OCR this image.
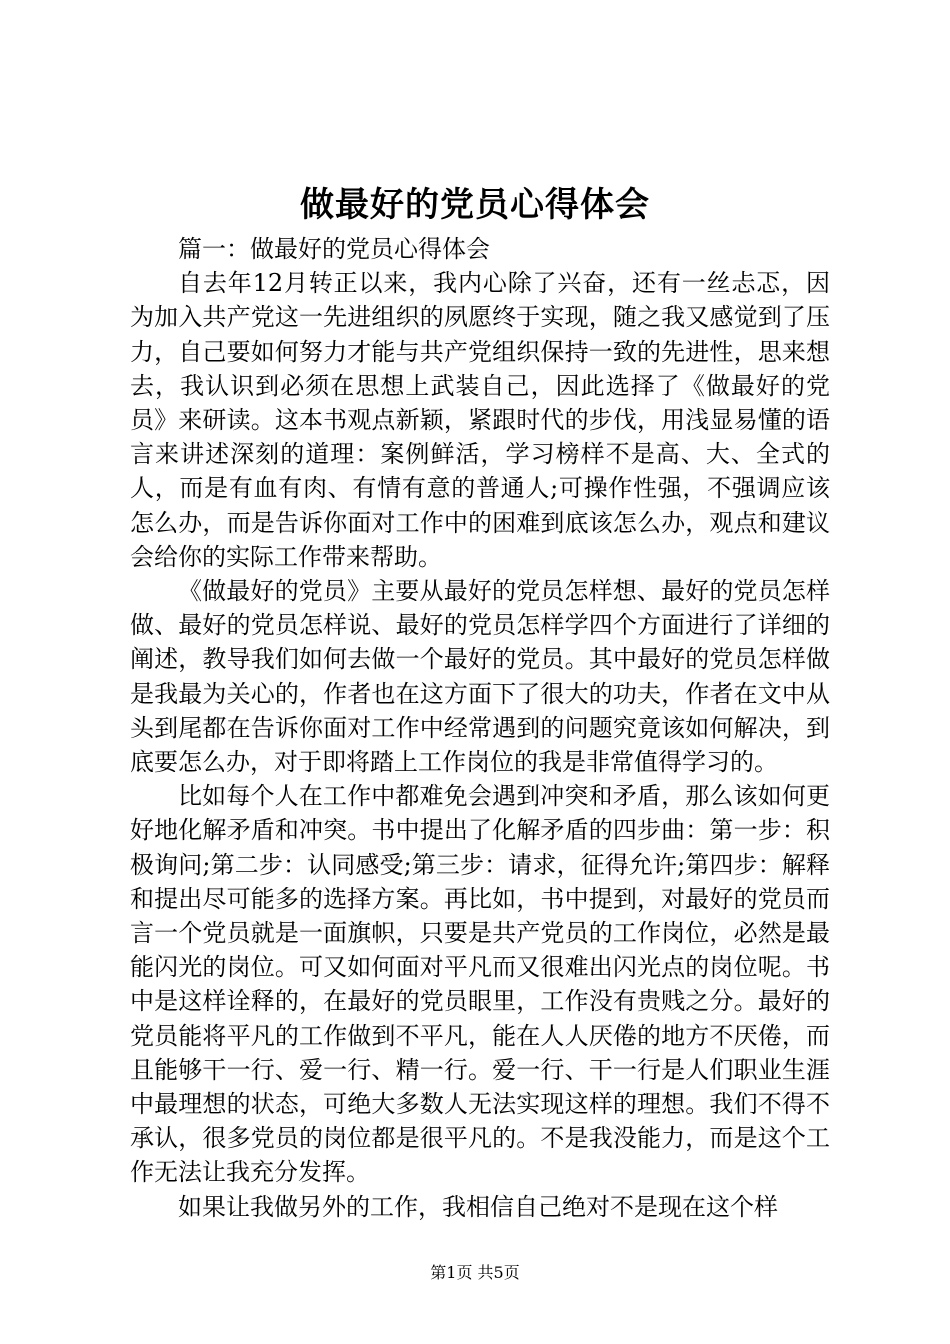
做最好的党员心得体会

篇一：做最好的党员心得体会

自去年12月转正以来，我内心除了兴奋，还有一丝忐忑，因为加入共产党这一先进组织的夙愿终于实现，随之我又感觉到了压力，自己要如何努力才能与共产党组织保持一致的先进性，思来想去，我认识到必须在思想上武装自己，因此选择了《做最好的党员》来研读。这本书观点新颖，紧跟时代的步伐，用浅显易懂的语言来讲述深刻的道理：案例鲜活，学习榜样不是高、大、全式的人，而是有血有肉、有情有意的普通人;可操作性强，不强调应该怎么办，而是告诉你面对工作中的困难到底该怎么办，观点和建议会给你的实际工作带来帮助。

《做最好的党员》主要从最好的党员怎样想、最好的党员怎样做、最好的党员怎样说、最好的党员怎样学四个方面进行了详细的阐述，教导我们如何去做一个最好的党员。其中最好的党员怎样做是我最为关心的，作者也在这方面下了很大的功夫，作者在文中从头到尾都在告诉你面对工作中经常遇到的问题究竟该如何解决，到底要怎么办，对于即将踏上工作岗位的我是非常值得学习的。

比如每个人在工作中都难免会遇到冲突和矛盾，那么该如何更好地化解矛盾和冲突。书中提出了化解矛盾的四步曲：第一步：积极询问;第二步：认同感受;第三步：请求，征得允许;第四步：解释和提出尽可能多的选择方案。再比如，书中提到，对最好的党员而言一个党员就是一面旗帜，只要是共产党员的工作岗位，必然是最能闪光的岗位。可又如何面对平凡而又很难出闪光点的岗位呢。书中是这样诠释的，在最好的党员眼里，工作没有贵贱之分。最好的党员能将平凡的工作做到不平凡，能在人人厌倦的地方不厌倦，而且能够干一行、爱一行、精一行。爱一行、干一行是人们职业生涯中最理想的状态，可绝大多数人无法实现这样的理想。我们不得不承认，很多党员的岗位都是很平凡的。不是我没能力，而是这个工作无法让我充分发挥。

如果让我做另外的工作，我相信自己绝对不是现在这个样

第1页 共5页
